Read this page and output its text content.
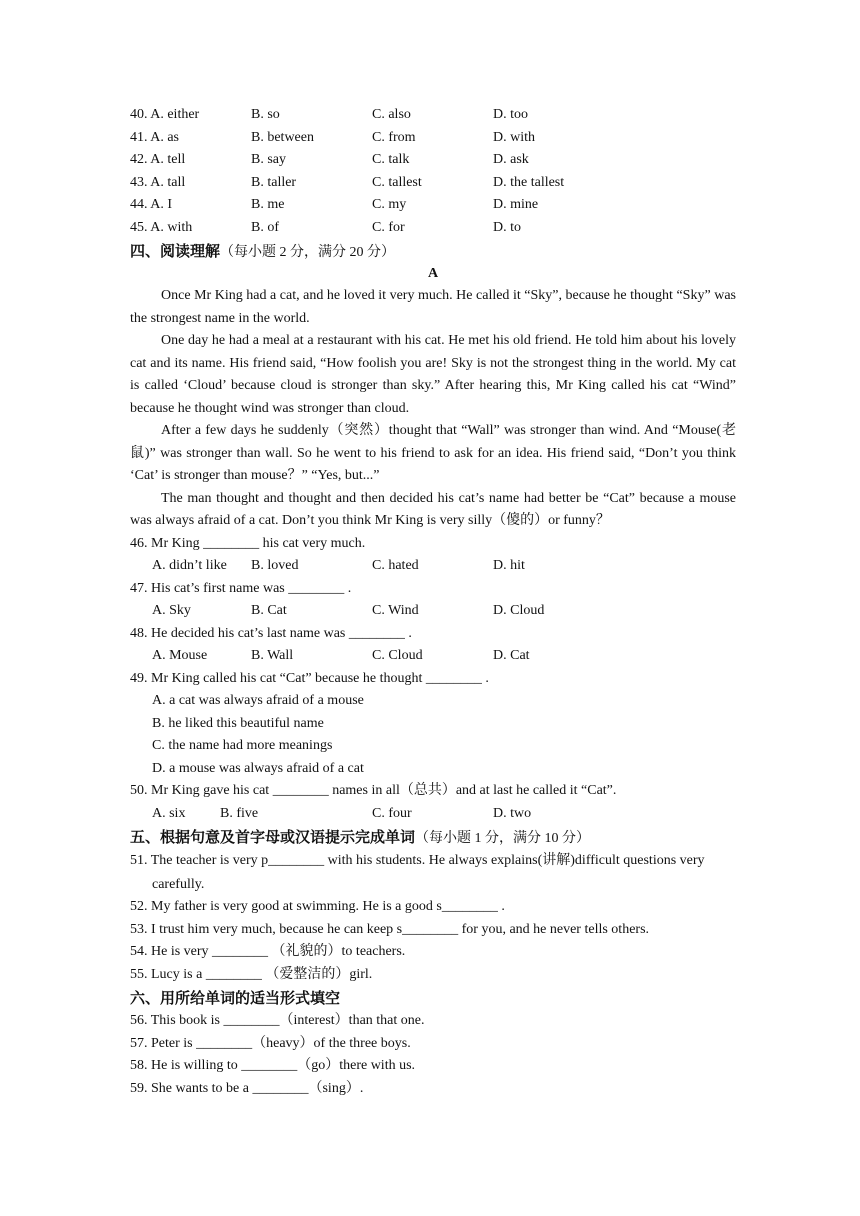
40. A. either	B. so	C. also	D. too
41. A. as	B. between	C. from	D. with
42. A. tell	B. say	C. talk	D. ask
43. A. tall	B. taller	C. tallest	D. the tallest
44. A. I	B. me	C. my	D. mine
45. A. with	B. of	C. for	D. to
四、阅读理解（每小题 2 分，满分 20 分）
A

Once Mr King had a cat, and he loved it very much. He called it “Sky”, because he thought “Sky” was the strongest name in the world.

One day he had a meal at a restaurant with his cat. He met his old friend. He told him about his lovely cat and its name. His friend said, “How foolish you are! Sky is not the strongest thing in the world. My cat is called ‘Cloud’ because cloud is stronger than sky.” After hearing this, Mr King called his cat “Wind” because he thought wind was stronger than cloud.

After a few days he suddenly（突然）thought that “Wall” was stronger than wind. And “Mouse(老鼠)” was stronger than wall. So he went to his friend to ask for an idea. His friend said, “Don’t you think ‘Cat’ is stronger than mouse？” “Yes, but...”

The man thought and thought and then decided his cat’s name had better be “Cat” because a mouse was always afraid of a cat. Don’t you think Mr King is very silly（傻的）or funny？

46. Mr King ________ his cat very much.
A. didn’t like	B. loved	C. hated	D. hit
47. His cat’s first name was ________ .
A. Sky	B. Cat	C. Wind	D. Cloud
48. He decided his cat’s last name was ________ .
A. Mouse	B. Wall	C. Cloud	D. Cat
49. Mr King called his cat “Cat” because he thought ________ .
A. a cat was always afraid of a mouse
B. he liked this beautiful name
C. the name had more meanings
D. a mouse was always afraid of a cat
50. Mr King gave his cat ________ names in all（总共）and at last he called it “Cat”.
A. six	B. five	C. four	D. two
五、根据句意及首字母或汉语提示完成单词（每小题 1 分，满分 10 分）

51. The teacher is very p________ with his students. He always explains(讲解)difficult questions very carefully.

52. My father is very good at swimming. He is a good s________ .
53. I trust him very much, because he can keep s________ for you, and he never tells others.
54. He is very ________ （礼貌的）to teachers.
55. Lucy is a ________ （爱整洁的）girl.
六、用所给单词的适当形式填空
56. This book is ________（interest）than that one.
57. Peter is ________（heavy）of the three boys.
58. He is willing to ________（go）there with us.
59. She wants to be a ________（sing）.
